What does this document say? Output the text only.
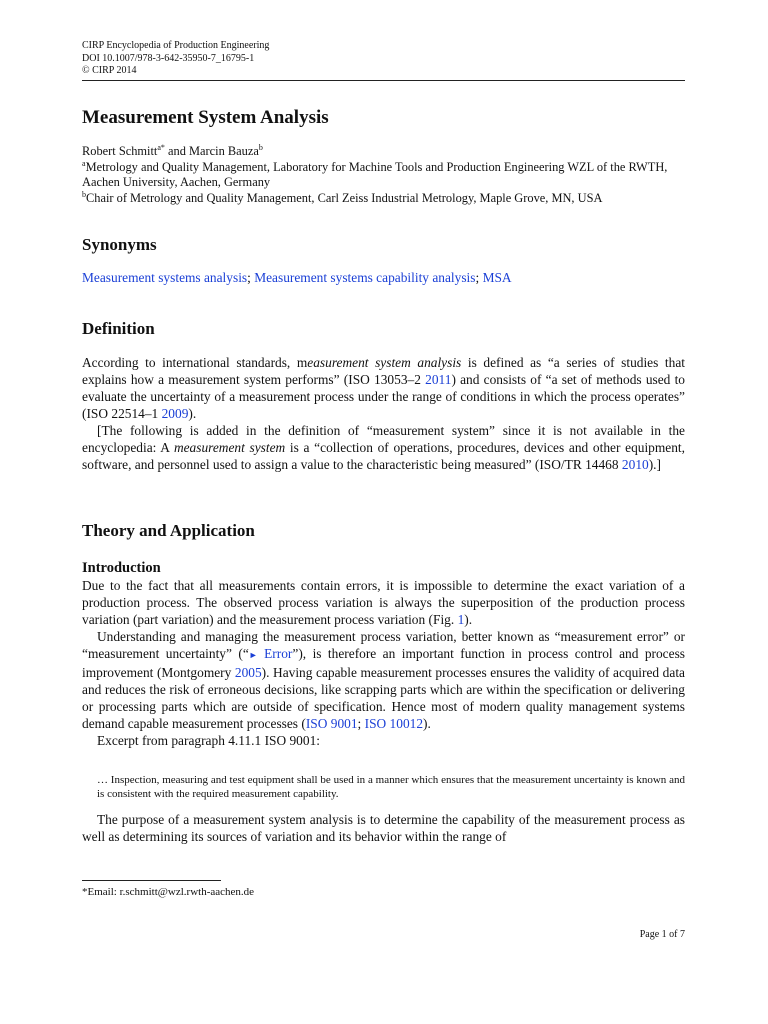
CIRP Encyclopedia of Production Engineering
DOI 10.1007/978-3-642-35950-7_16795-1
© CIRP 2014
Measurement System Analysis
Robert Schmitt$^{a*}$ and Marcin Bauza$^b$
$^a$Metrology and Quality Management, Laboratory for Machine Tools and Production Engineering WZL of the RWTH, Aachen University, Aachen, Germany
$^b$Chair of Metrology and Quality Management, Carl Zeiss Industrial Metrology, Maple Grove, MN, USA
Synonyms
Measurement systems analysis; Measurement systems capability analysis; MSA
Definition

According to international standards, measurement system analysis is defined as “a series of studies that explains how a measurement system performs” (ISO 13053–2 2011) and consists of “a set of methods used to evaluate the uncertainty of a measurement process under the range of conditions in which the process operates” (ISO 22514–1 2009).

[The following is added in the definition of “measurement system” since it is not available in the encyclopedia: A measurement system is a “collection of operations, procedures, devices and other equipment, software, and personnel used to assign a value to the characteristic being measured” (ISO/TR 14468 2010).]

Theory and Application
Introduction

Due to the fact that all measurements contain errors, it is impossible to determine the exact variation of a production process. The observed process variation is always the superposition of the production process variation (part variation) and the measurement process variation (Fig. 1).

Understanding and managing the measurement process variation, better known as “measurement error” or “measurement uncertainty” (“► Error”), is therefore an important function in process control and process improvement (Montgomery 2005). Having capable measurement processes ensures the validity of acquired data and reduces the risk of erroneous decisions, like scrapping parts which are within the specification or delivering or processing parts which are outside of specification. Hence most of modern quality management systems demand capable measurement processes (ISO 9001; ISO 10012).

Excerpt from paragraph 4.11.1 ISO 9001:

… Inspection, measuring and test equipment shall be used in a manner which ensures that the measurement uncertainty is known and is consistent with the required measurement capability.

The purpose of a measurement system analysis is to determine the capability of the measurement process as well as determining its sources of variation and its behavior within the range of

*Email: r.schmitt@wzl.rwth-aachen.de
Page 1 of 7
